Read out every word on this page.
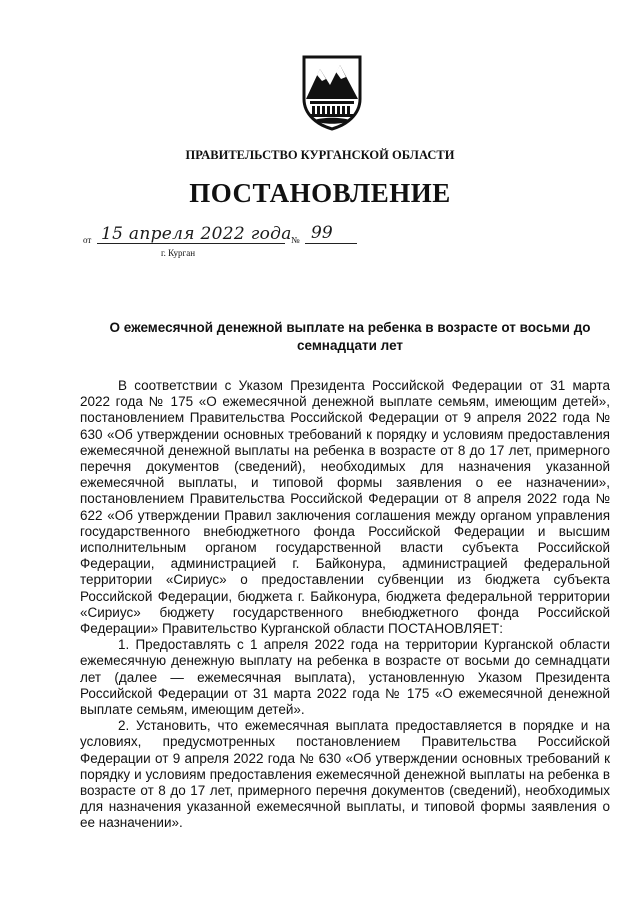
ПРАВИТЕЛЬСТВО КУРГАНСКОЙ ОБЛАСТИ
ПОСТАНОВЛЕНИЕ
от 15 апреля 2022 года № 99
г. Курган
О ежемесячной денежной выплате на ребенка в возрасте от восьми до семнадцати лет

В соответствии с Указом Президента Российской Федерации от 31 марта 2022 года № 175 «О ежемесячной денежной выплате семьям, имеющим детей», постановлением Правительства Российской Федерации от 9 апреля 2022 года № 630 «Об утверждении основных требований к порядку и условиям предоставления ежемесячной денежной выплаты на ребенка в возрасте от 8 до 17 лет, примерного перечня документов (сведений), необходимых для назначения указанной ежемесячной выплаты, и типовой формы заявления о ее назначении», постановлением Правительства Российской Федерации от 8 апреля 2022 года № 622 «Об утверждении Правил заключения соглашения между органом управления государственного внебюджетного фонда Российской Федерации и высшим исполнительным органом государственной власти субъекта Российской Федерации, администрацией г. Байконура, администрацией федеральной территории «Сириус» о предоставлении субвенции из бюджета субъекта Российской Федерации, бюджета г. Байконура, бюджета федеральной территории «Сириус» бюджету государственного внебюджетного фонда Российской Федерации» Правительство Курганской области ПОСТАНОВЛЯЕТ:

1. Предоставлять с 1 апреля 2022 года на территории Курганской области ежемесячную денежную выплату на ребенка в возрасте от восьми до семнадцати лет (далее — ежемесячная выплата), установленную Указом Президента Российской Федерации от 31 марта 2022 года № 175 «О ежемесячной денежной выплате семьям, имеющим детей».

2. Установить, что ежемесячная выплата предоставляется в порядке и на условиях, предусмотренных постановлением Правительства Российской Федерации от 9 апреля 2022 года № 630 «Об утверждении основных требований к порядку и условиям предоставления ежемесячной денежной выплаты на ребенка в возрасте от 8 до 17 лет, примерного перечня документов (сведений), необходимых для назначения указанной ежемесячной выплаты, и типовой формы заявления о ее назначении».
